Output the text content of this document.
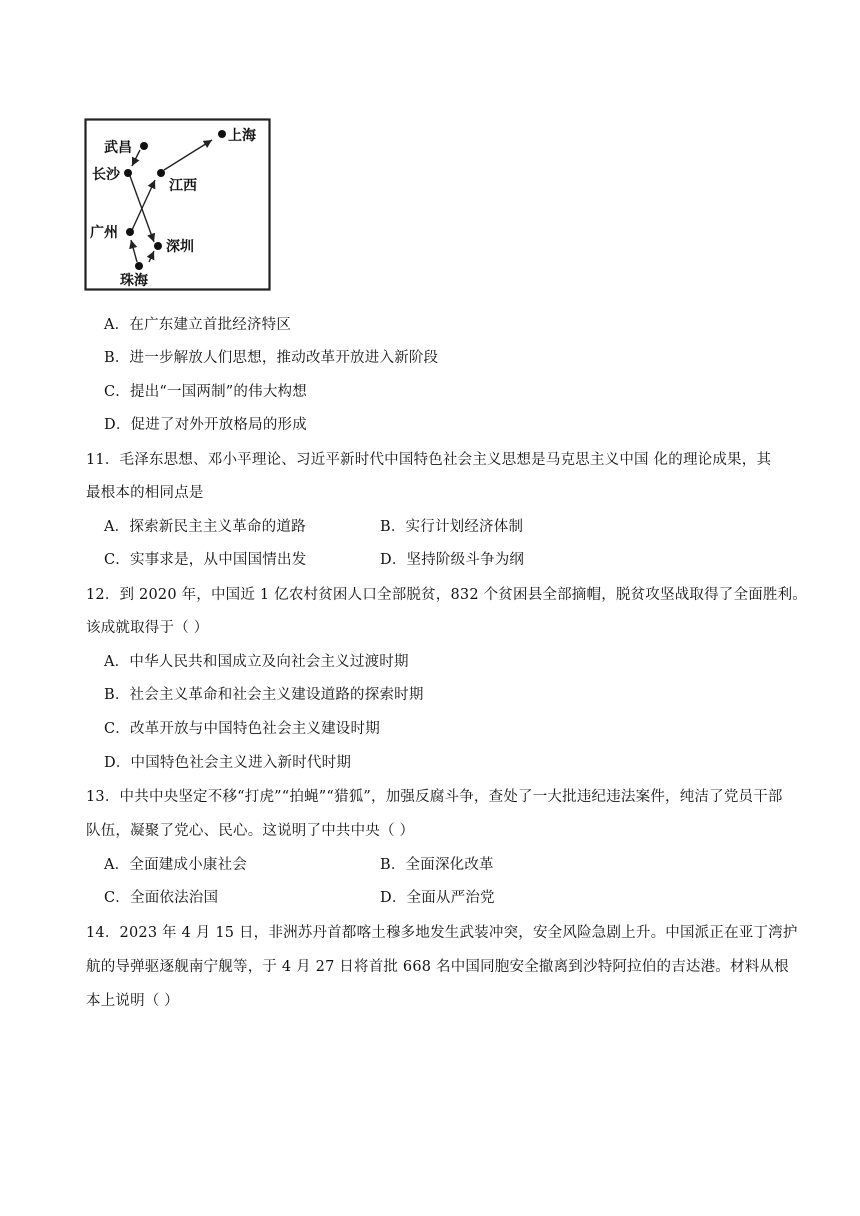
武昌
长沙
江西
上海
广州
深圳
珠海
A．在广东建立首批经济特区
B．进一步解放人们思想，推动改革开放进入新阶段
C．提出“一国两制”的伟大构想
D．促进了对外开放格局的形成
11．毛泽东思想、邓小平理论、习近平新时代中国特色社会主义思想是马克思主义中国 化的理论成果，其
最根本的相同点是
A．探索新民主主义革命的道路	B．实行计划经济体制
C．实事求是，从中国国情出发	D．坚持阶级斗争为纲
12．到 2020 年，中国近 1 亿农村贫困人口全部脱贫，832 个贫困县全部摘帽，脱贫攻坚战取得了全面胜利。
该成就取得于（ ）
A．中华人民共和国成立及向社会主义过渡时期
B．社会主义革命和社会主义建设道路的探索时期
C．改革开放与中国特色社会主义建设时期
D．中国特色社会主义进入新时代时期
13．中共中央坚定不移“打虎”“拍蝇”“猎狐”，加强反腐斗争，查处了一大批违纪违法案件，纯洁了党员干部
队伍，凝聚了党心、民心。这说明了中共中央（ ）
A．全面建成小康社会	B．全面深化改革
C．全面依法治国	D．全面从严治党
14．2023 年 4 月 15 日，非洲苏丹首都喀土穆多地发生武装冲突，安全风险急剧上升。中国派正在亚丁湾护
航的导弹驱逐舰南宁舰等，于 4 月 27 日将首批 668 名中国同胞安全撤离到沙特阿拉伯的吉达港。材料从根
本上说明（ ）
